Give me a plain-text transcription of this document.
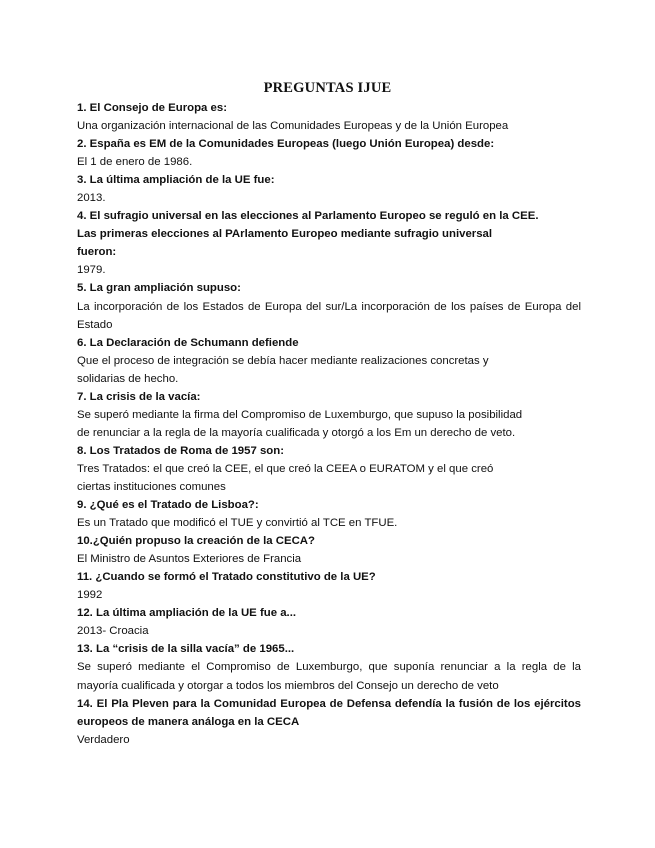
PREGUNTAS IJUE
1. El Consejo de Europa es:
Una organización internacional de las Comunidades Europeas y de la Unión Europea
2. España es EM de la Comunidades Europeas (luego Unión Europea) desde:
El 1 de enero de 1986.
3. La última ampliación de la UE fue:
2013.
4. El sufragio universal en las elecciones al Parlamento Europeo se reguló en la CEE.
Las primeras elecciones al PArlamento Europeo mediante sufragio universal
fueron:
1979.
5. La gran ampliación supuso:
La incorporación de los Estados de Europa del sur/La incorporación de los países de Europa del
Estado
6. La Declaración de Schumann defiende
Que el proceso de integración se debía hacer mediante realizaciones concretas y
solidarias de hecho.
7. La crisis de la vacía:
Se superó mediante la firma del Compromiso de Luxemburgo, que supuso la posibilidad
de renunciar a la regla de la mayoría cualificada y otorgó a los Em un derecho de veto.
8. Los Tratados de Roma de 1957 son:
Tres Tratados: el que creó la CEE, el que creó la CEEA o EURATOM y el que creó
ciertas instituciones comunes
9. ¿Qué es el Tratado de Lisboa?:
Es un Tratado que modificó el TUE y convirtió al TCE en TFUE.
10.¿Quién propuso la creación de la CECA?
El Ministro de Asuntos Exteriores de Francia
11. ¿Cuando se formó el Tratado constitutivo de la UE?
1992
12. La última ampliación de la UE fue a...
2013- Croacia
13. La “crisis de la silla vacía” de 1965...
Se superó mediante el Compromiso de Luxemburgo, que suponía renunciar a la regla de la
mayoría cualificada y otorgar a todos los miembros del Consejo un derecho de veto
14. El Pla Pleven para la Comunidad Europea de Defensa defendía la fusión de los ejércitos
europeos de manera análoga en la CECA
Verdadero
